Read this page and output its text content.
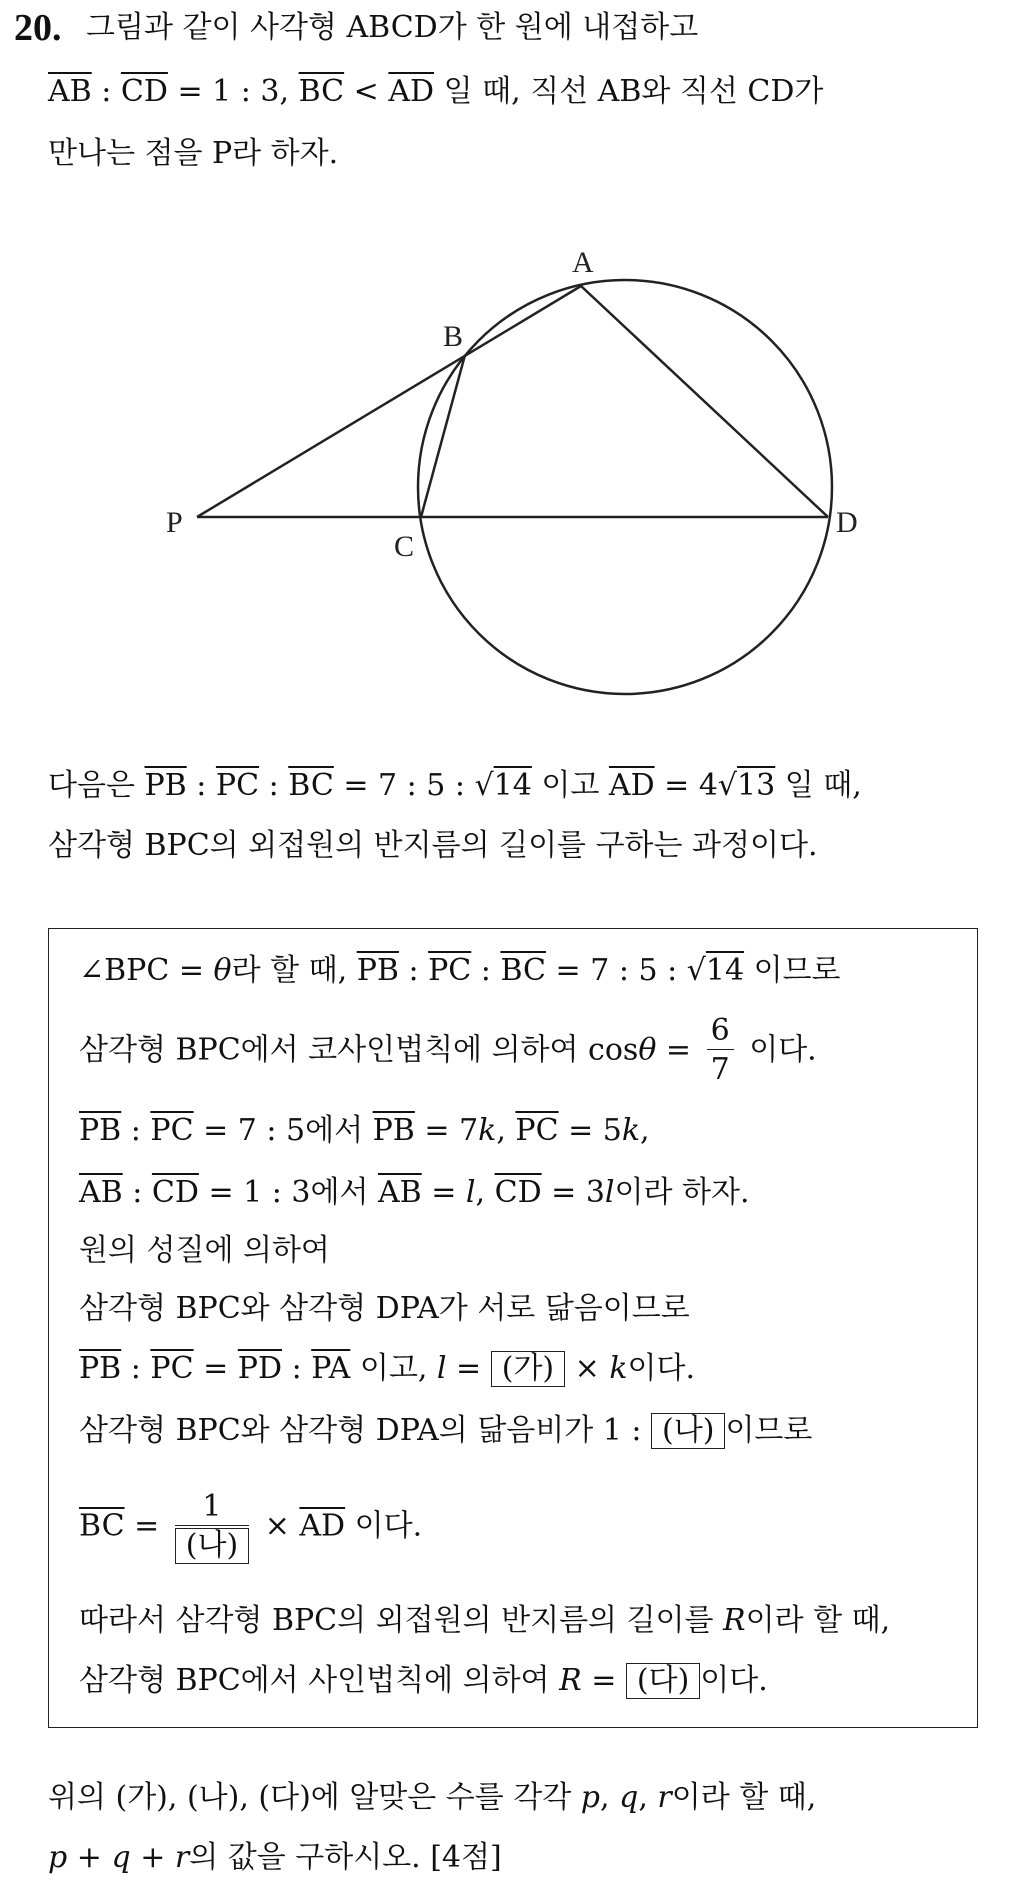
20. 그림과 같이 사각형 ABCD가 한 원에 내접하고
$\overline{AB}$ : $\overline{CD} = 1$ : 3, $\overline{BC} < \overline{AD}$ 일 때, 직선 AB와 직선 CD가
만나는 점을 P라 하자.
A
B
C
D
P
다음은 $\overline{PB}$ : $\overline{PC}$ : $\overline{BC} = 7$ : 5 : √14 이고 $\overline{AD} = 4√13$ 일 때,
삼각형 BPC의 외접원의 반지름의 길이를 구하는 과정이다.
∠BPC = θ라 할 때, $\overline{PB}$ : $\overline{PC}$ : $\overline{BC} = 7$ : 5 : √14 이므로
삼각형 BPC에서 코사인법칙에 의하여 $\cos\theta = \frac{6}{7}$ 이다.
$\overline{PB}$ : $\overline{PC} = 7$ : 5에서 $\overline{PB} = 7k$, $\overline{PC} = 5k$,
$\overline{AB}$ : $\overline{CD} = 1$ : 3에서 $\overline{AB} = l$, $\overline{CD} = 3l$이라 하자.
원의 성질에 의하여
삼각형 BPC와 삼각형 DPA가 서로 닮음이므로
$\overline{PB}$ : $\overline{PC} = \overline{PD}$ : $\overline{PA}$ 이고, l = (가) × k이다.
삼각형 BPC와 삼각형 DPA의 닮음비가 1 : (나) 이므로
$\overline{BC} = \frac{1}{\text{(나)}} \times \overline{AD}$ 이다.
따라서 삼각형 BPC의 외접원의 반지름의 길이를 R이라 할 때,
삼각형 BPC에서 사인법칙에 의하여 R = (다) 이다.
위의 (가), (나), (다)에 알맞은 수를 각각 p, q, r이라 할 때,
p + q + r의 값을 구하시오. [4점]
